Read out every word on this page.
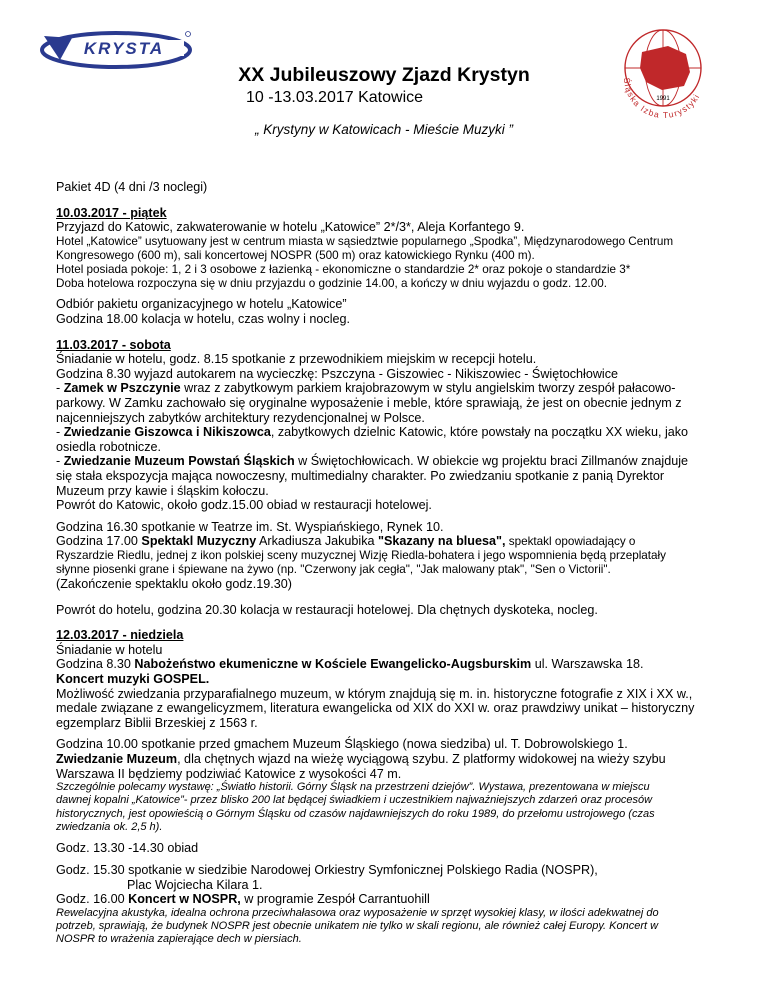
KRYSTA
1991
Śląska Izba Turystyki
XX Jubileuszowy Zjazd Krystyn
10 -13.03.2017 Katowice
„ Krystyny w Katowicach - Mieście Muzyki ”

Pakiet 4D (4 dni /3 noclegi)

10.03.2017 - piątek

Przyjazd do Katowic, zakwaterowanie w hotelu „Katowice” 2*/3*, Aleja Korfantego 9.

Hotel „Katowice” usytuowany jest w centrum miasta w sąsiedztwie popularnego „Spodka”, Międzynarodowego Centrum

Kongresowego (600 m), sali koncertowej NOSPR (500 m) oraz katowickiego Rynku (400 m).

Hotel posiada pokoje: 1, 2 i 3 osobowe z łazienką - ekonomiczne o standardzie 2* oraz pokoje o standardzie 3*

Doba hotelowa rozpoczyna się w dniu przyjazdu o godzinie 14.00, a kończy w dniu wyjazdu o godz. 12.00.

Odbiór pakietu organizacyjnego w hotelu „Katowice”

Godzina 18.00 kolacja w hotelu, czas wolny i nocleg.

11.03.2017 - sobota

Śniadanie w hotelu, godz. 8.15 spotkanie z przewodnikiem miejskim w recepcji hotelu.

Godzina 8.30 wyjazd autokarem na wycieczkę: Pszczyna - Giszowiec - Nikiszowiec - Świętochłowice

- Zamek w Pszczynie wraz z zabytkowym parkiem krajobrazowym w stylu angielskim tworzy zespół pałacowo-

parkowy. W Zamku zachowało się oryginalne wyposażenie i meble, które sprawiają, że jest on obecnie jednym z

najcenniejszych zabytków architektury rezydencjonalnej w Polsce.

- Zwiedzanie Giszowca i Nikiszowca, zabytkowych dzielnic Katowic, które powstały na początku XX wieku, jako

osiedla robotnicze.

- Zwiedzanie Muzeum Powstań Śląskich w Świętochłowicach. W obiekcie wg projektu braci Zillmanów znajduje

się stała ekspozycja mająca nowoczesny, multimedialny charakter. Po zwiedzaniu spotkanie z panią Dyrektor

Muzeum przy kawie i śląskim kołoczu.

Powrót do Katowic, około godz.15.00 obiad w restauracji hotelowej.

Godzina 16.30 spotkanie w Teatrze im. St. Wyspiańskiego, Rynek 10.

Godzina 17.00 Spektakl Muzyczny Arkadiusza Jakubika "Skazany na bluesa", spektakl opowiadający o

Ryszardzie Riedlu, jednej z ikon polskiej sceny muzycznej Wizję Riedla-bohatera i jego wspomnienia będą przeplatały

słynne piosenki grane i śpiewane na żywo (np. "Czerwony jak cegła", "Jak malowany ptak", "Sen o Victorii".

(Zakończenie spektaklu około godz.19.30)

Powrót do hotelu, godzina 20.30 kolacja w restauracji hotelowej. Dla chętnych dyskoteka, nocleg.

12.03.2017 - niedziela

Śniadanie w hotelu

Godzina 8.30 Nabożeństwo ekumeniczne w Kościele Ewangelicko-Augsburskim ul. Warszawska 18.

Koncert muzyki GOSPEL.

Możliwość zwiedzania przyparafialnego muzeum, w którym znajdują się m. in. historyczne fotografie z XIX i XX w.,

medale związane z ewangelicyzmem, literatura ewangelicka od XIX do XXI w. oraz prawdziwy unikat – historyczny

egzemplarz Biblii Brzeskiej z 1563 r.

Godzina 10.00 spotkanie przed gmachem Muzeum Śląskiego (nowa siedziba) ul. T. Dobrowolskiego 1.

Zwiedzanie Muzeum, dla chętnych wjazd na wieżę wyciągową szybu. Z platformy widokowej na wieży szybu

Warszawa II będziemy podziwiać Katowice z wysokości 47 m.

Szczególnie polecamy wystawę: „Światło historii. Górny Śląsk na przestrzeni dziejów”. Wystawa, prezentowana w miejscu

dawnej kopalni „Katowice”- przez blisko 200 lat będącej świadkiem i uczestnikiem najważniejszych zdarzeń oraz procesów

historycznych, jest opowieścią o Górnym Śląsku od czasów najdawniejszych do roku 1989, do przełomu ustrojowego (czas

zwiedzania ok. 2,5 h).

Godz. 13.30 -14.30 obiad

Godz. 15.30 spotkanie w siedzibie Narodowej Orkiestry Symfonicznej Polskiego Radia (NOSPR),

Plac Wojciecha Kilara 1.

Godz. 16.00 Koncert w NOSPR, w programie Zespół Carrantuohill

Rewelacyjna akustyka, idealna ochrona przeciwhałasowa oraz wyposażenie w sprzęt wysokiej klasy, w ilości adekwatnej do

potrzeb, sprawiają, że budynek NOSPR jest obecnie unikatem nie tylko w skali regionu, ale również całej Europy. Koncert w

NOSPR to wrażenia zapierające dech w piersiach.
